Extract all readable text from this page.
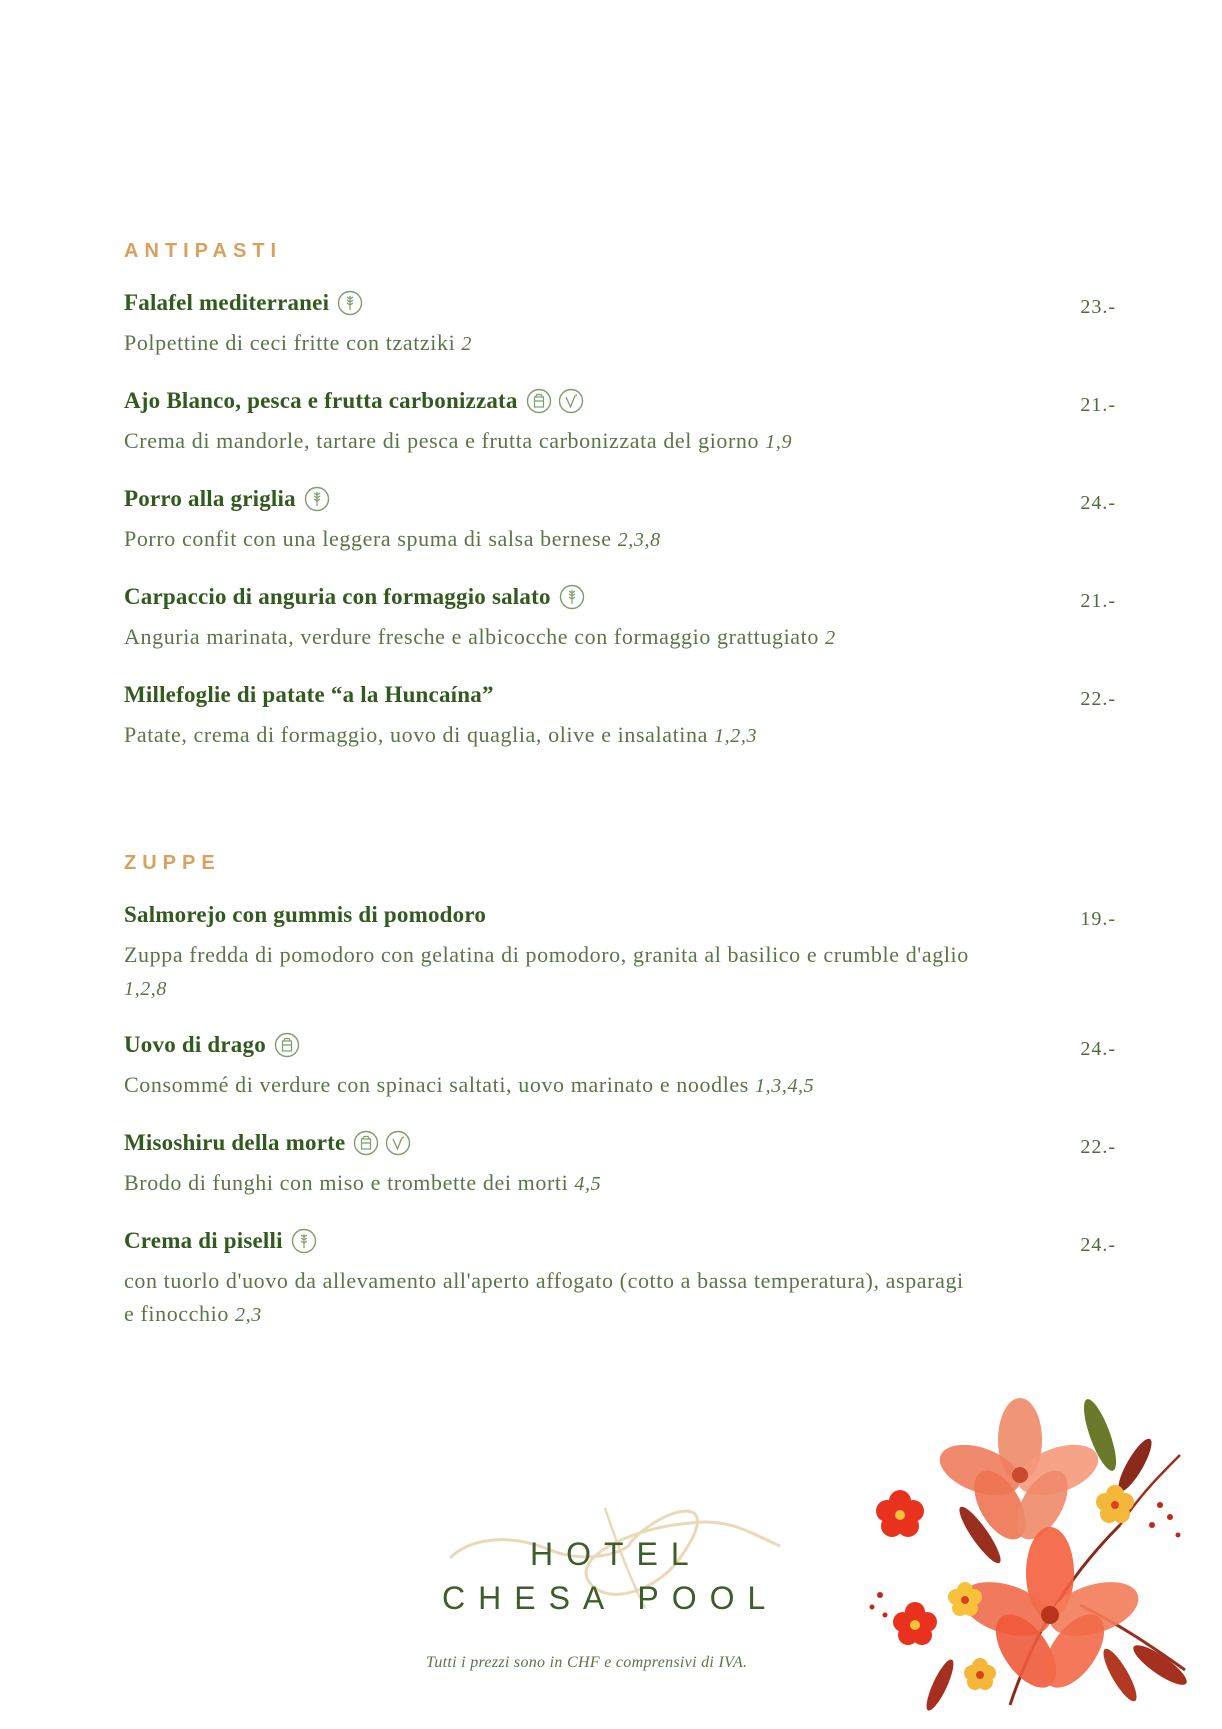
ANTIPASTI
Falafel mediterranei	23.-
Polpettine di ceci fritte con tzatziki 2
Ajo Blanco, pesca e frutta carbonizzata	21.-
Crema di mandorle, tartare di pesca e frutta carbonizzata del giorno 1,9
Porro alla griglia	24.-
Porro confit con una leggera spuma di salsa bernese 2,3,8
Carpaccio di anguria con formaggio salato	21.-
Anguria marinata, verdure fresche e albicocche con formaggio grattugiato 2
Millefoglie di patate “a la Huncaína”	22.-
Patate, crema di formaggio, uovo di quaglia, olive e insalatina 1,2,3
ZUPPE
Salmorejo con gummis di pomodoro	19.-
Zuppa fredda di pomodoro con gelatina di pomodoro, granita al basilico e crumble d'aglio 1,2,8
Uovo di drago	24.-
Consommé di verdure con spinaci saltati, uovo marinato e noodles 1,3,4,5
Misoshiru della morte	22.-
Brodo di funghi con miso e trombette dei morti 4,5
Crema di piselli	24.-
con tuorlo d'uovo da allevamento all'aperto affogato (cotto a bassa temperatura), asparagi e finocchio 2,3
HOTEL
CHESA POOL
Tutti i prezzi sono in CHF e comprensivi di IVA.
